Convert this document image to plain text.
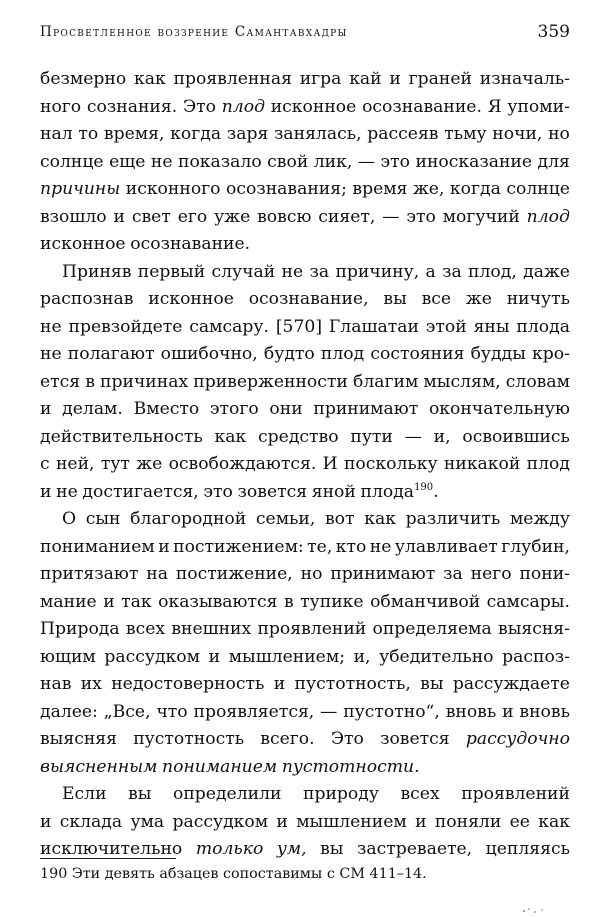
Просветленное воззрение Самантавхадры	359
безмерно как проявленная игра кай и граней изначаль-
ного сознания. Это плод исконное осознавание. Я упоми-
нал то время, когда заря занялась, рассеяв тьму ночи, но
солнце еще не показало свой лик, — это иносказание для
причины исконного осознавания; время же, когда солнце
взошло и свет его уже вовсю сияет, — это могучий плод
исконное осознавание.
Приняв первый случай не за причину, а за плод, даже
распознав исконное осознавание, вы все же ничуть
не превзойдете самсару. [570] Глашатаи этой яны плода
не полагают ошибочно, будто плод состояния будды кро-
ется в причинах приверженности благим мыслям, словам
и делам. Вместо этого они принимают окончательную
действительность как средство пути — и, освоившись
с ней, тут же освобождаются. И поскольку никакой плод
и не достигается, это зовется яной плода$^{190}$.
О сын благородной семьи, вот как различить между
пониманием и постижением: те, кто не улавливает глубин,
притязают на постижение, но принимают за него пони-
мание и так оказываются в тупике обманчивой самсары.
Природа всех внешних проявлений определяема выясня-
ющим рассудком и мышлением; и, убедительно распоз-
нав их недостоверность и пустотность, вы рассуждаете
далее: „Все, что проявляется, — пустотно“, вновь и вновь
выясняя пустотность всего. Это зовется рассудочно
выясненным пониманием пустотности.
Если вы определили природу всех проявлений
и склада ума рассудком и мышлением и поняли ее как
исключительно только ум, вы застреваете, цепляясь
190 Эти девять абзацев сопоставимы с СМ 411–14.
